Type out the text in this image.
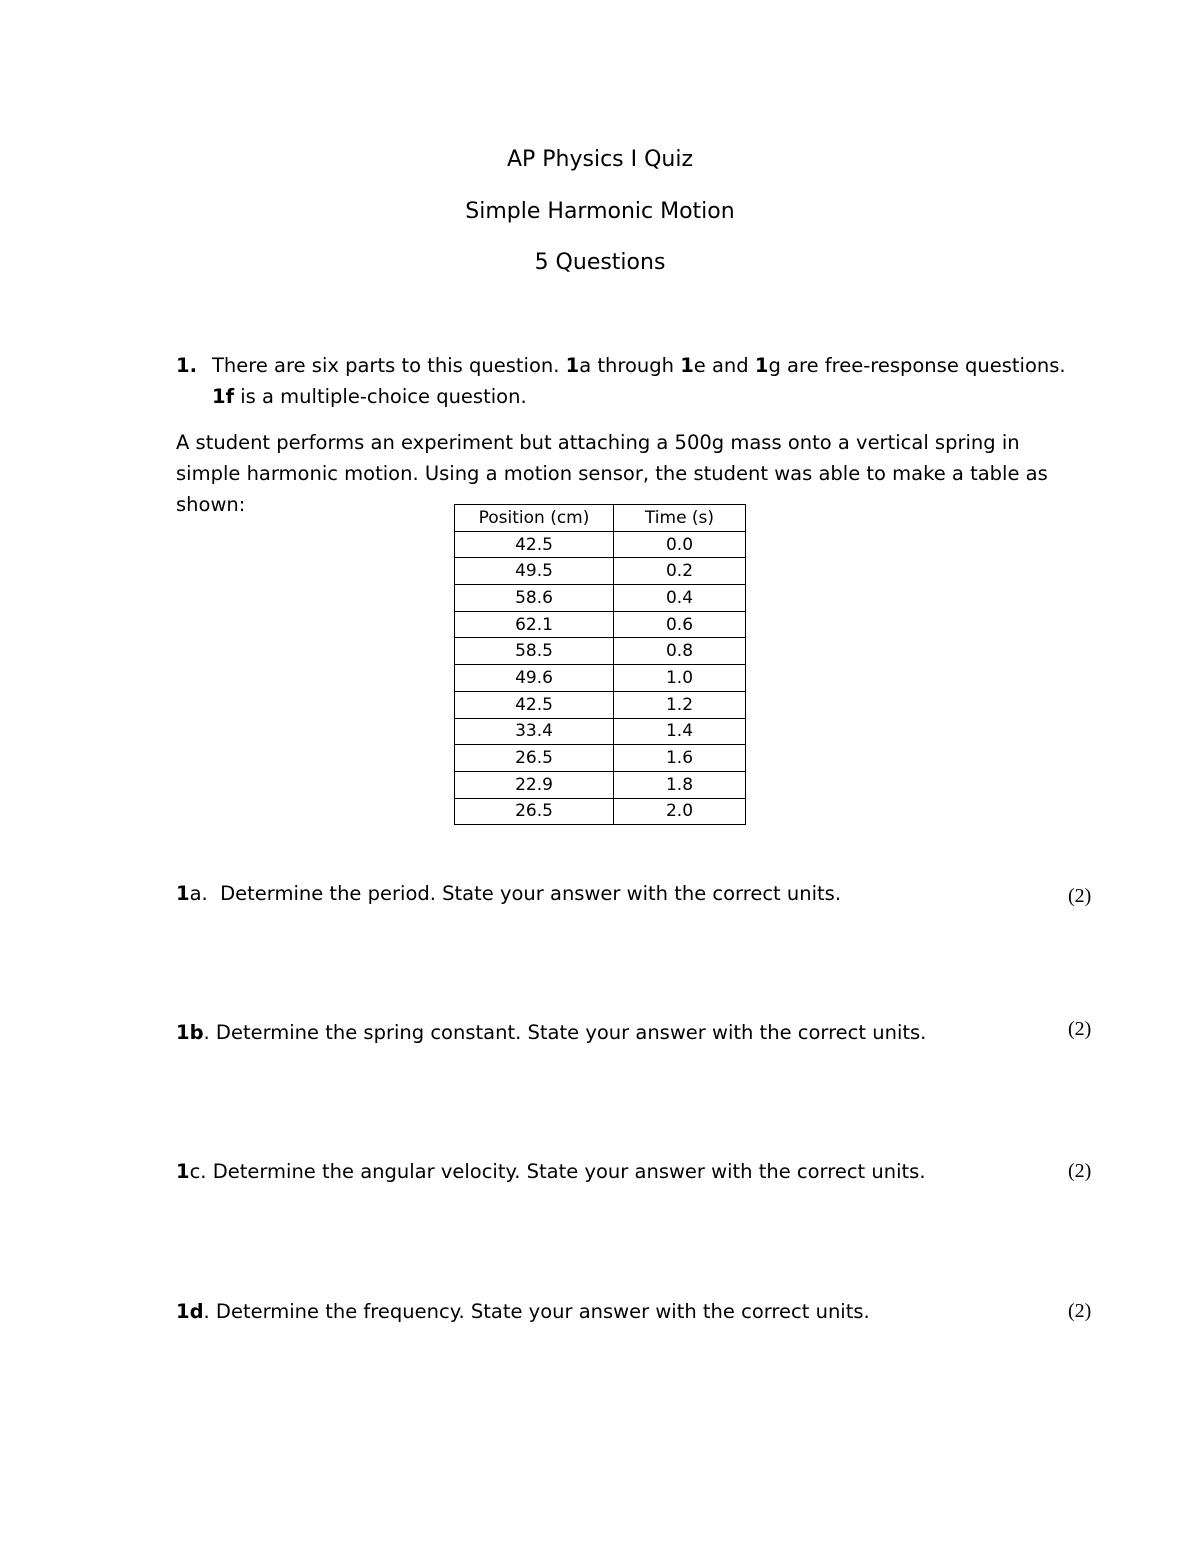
AP Physics I Quiz
Simple Harmonic Motion
5 Questions
1. There are six parts to this question. 1a through 1e and 1g are free-response questions. 1f is a multiple-choice question.
A student performs an experiment but attaching a 500g mass onto a vertical spring in simple harmonic motion. Using a motion sensor, the student was able to make a table as shown:
Position (cm)	Time (s)
42.5	0.0
49.5	0.2
58.6	0.4
62.1	0.6
58.5	0.8
49.6	1.0
42.5	1.2
33.4	1.4
26.5	1.6
22.9	1.8
26.5	2.0
1a.  Determine the period. State your answer with the correct units.	(2)
1b. Determine the spring constant. State your answer with the correct units.	(2)
1c. Determine the angular velocity. State your answer with the correct units.	(2)
1d. Determine the frequency. State your answer with the correct units.	(2)
